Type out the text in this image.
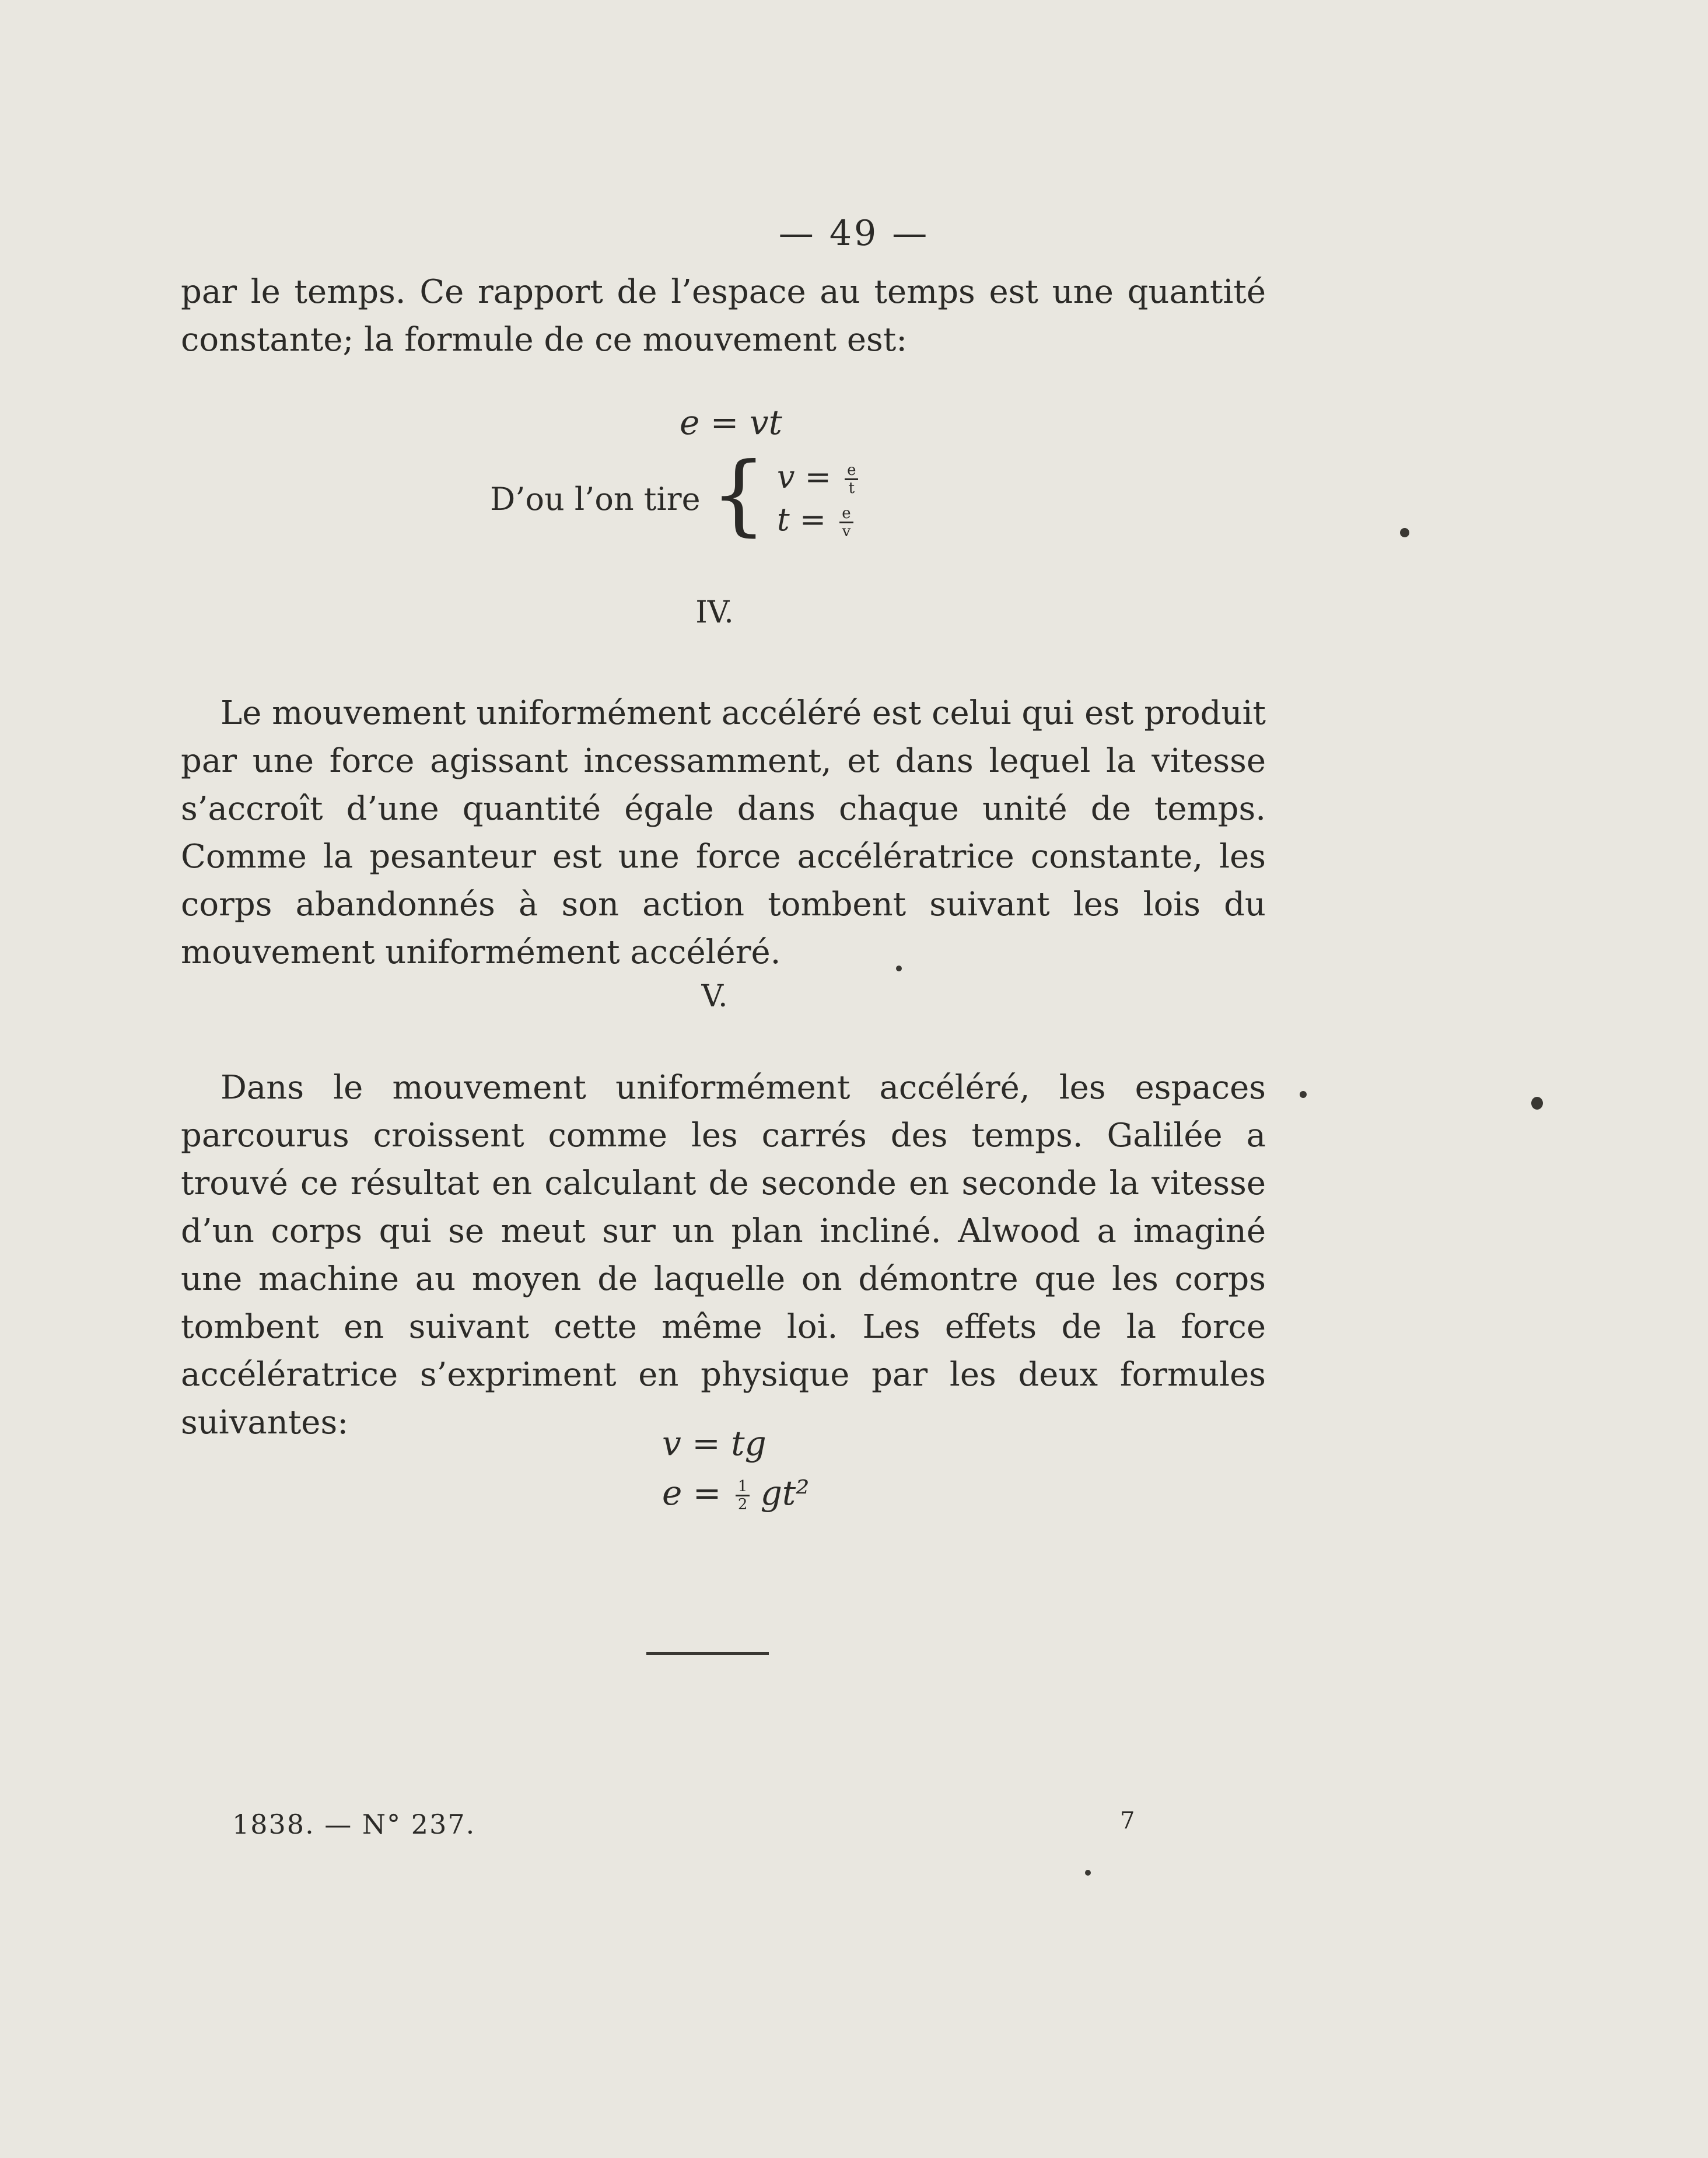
— 49 —

par le temps. Ce rapport de l’espace au temps est une quantité constante; la formule de ce mouvement est:

e = vt
D’ou l’on tire { $v = \frac{e}{t}$
$t = \frac{e}{v}$
IV.

Le mouvement uniformément accéléré est celui qui est produit par une force agissant incessamment, et dans lequel la vitesse s’accroît d’une quantité égale dans chaque unité de temps. Comme la pesanteur est une force accélératrice constante, les corps abandonnés à son action tombent suivant les lois du mouvement uniformément accéléré.

V.

Dans le mouvement uniformément accéléré, les espaces parcourus croissent comme les carrés des temps. Galilée a trouvé ce résultat en calculant de seconde en seconde la vitesse d’un corps qui se meut sur un plan incliné. Alwood a imaginé une machine au moyen de laquelle on démontre que les corps tombent en suivant cette même loi. Les effets de la force accélératrice s’expriment en physique par les deux formules suivantes:

v = tg
$e = \frac{1}{2} gt^2$
1838. — N° 237.	7
